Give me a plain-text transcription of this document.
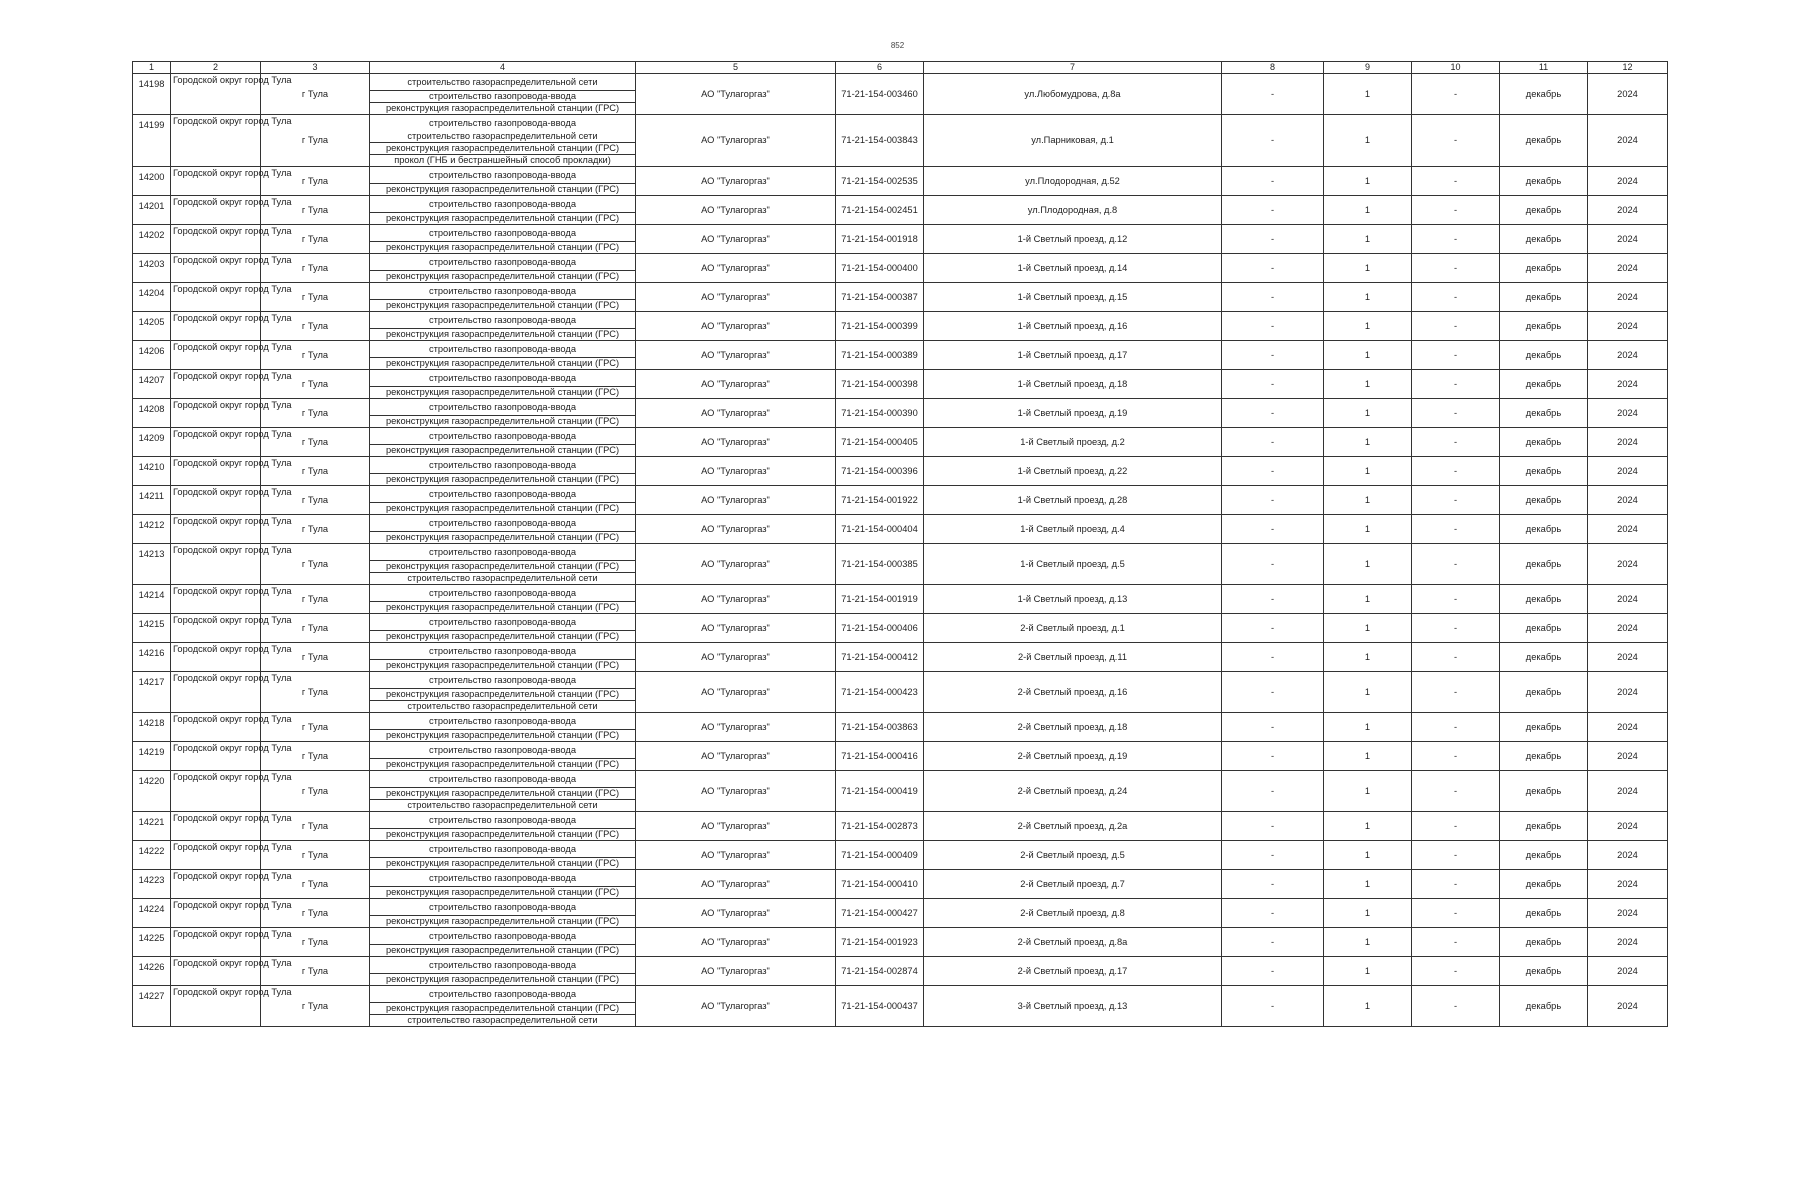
852
1	2	3	4	5	6	7	8	9	10	11	12
14198	Городской округ город Тула	г Тула	строительство газораспределительной сети
строительство газопровода-ввода
реконструкция газораспределительной станции (ГРС)	АО "Тулагоргаз"	71-21-154-003460	ул.Любомудрова, д.8а	-	1	-	декабрь	2024
14199	Городской округ город Тула	г Тула	строительство газопровода-ввода
строительство газораспределительной сети
реконструкция газораспределительной станции (ГРС)
прокол (ГНБ и бестраншейный способ прокладки)	АО "Тулагоргаз"	71-21-154-003843	ул.Парниковая, д.1	-	1	-	декабрь	2024
14200	Городской округ город Тула	г Тула	строительство газопровода-ввода
реконструкция газораспределительной станции (ГРС)	АО "Тулагоргаз"	71-21-154-002535	ул.Плодородная, д.52	-	1	-	декабрь	2024
14201	Городской округ город Тула	г Тула	строительство газопровода-ввода
реконструкция газораспределительной станции (ГРС)	АО "Тулагоргаз"	71-21-154-002451	ул.Плодородная, д.8	-	1	-	декабрь	2024
14202	Городской округ город Тула	г Тула	строительство газопровода-ввода
реконструкция газораспределительной станции (ГРС)	АО "Тулагоргаз"	71-21-154-001918	1-й Светлый проезд, д.12	-	1	-	декабрь	2024
14203	Городской округ город Тула	г Тула	строительство газопровода-ввода
реконструкция газораспределительной станции (ГРС)	АО "Тулагоргаз"	71-21-154-000400	1-й Светлый проезд, д.14	-	1	-	декабрь	2024
14204	Городской округ город Тула	г Тула	строительство газопровода-ввода
реконструкция газораспределительной станции (ГРС)	АО "Тулагоргаз"	71-21-154-000387	1-й Светлый проезд, д.15	-	1	-	декабрь	2024
14205	Городской округ город Тула	г Тула	строительство газопровода-ввода
реконструкция газораспределительной станции (ГРС)	АО "Тулагоргаз"	71-21-154-000399	1-й Светлый проезд, д.16	-	1	-	декабрь	2024
14206	Городской округ город Тула	г Тула	строительство газопровода-ввода
реконструкция газораспределительной станции (ГРС)	АО "Тулагоргаз"	71-21-154-000389	1-й Светлый проезд, д.17	-	1	-	декабрь	2024
14207	Городской округ город Тула	г Тула	строительство газопровода-ввода
реконструкция газораспределительной станции (ГРС)	АО "Тулагоргаз"	71-21-154-000398	1-й Светлый проезд, д.18	-	1	-	декабрь	2024
14208	Городской округ город Тула	г Тула	строительство газопровода-ввода
реконструкция газораспределительной станции (ГРС)	АО "Тулагоргаз"	71-21-154-000390	1-й Светлый проезд, д.19	-	1	-	декабрь	2024
14209	Городской округ город Тула	г Тула	строительство газопровода-ввода
реконструкция газораспределительной станции (ГРС)	АО "Тулагоргаз"	71-21-154-000405	1-й Светлый проезд, д.2	-	1	-	декабрь	2024
14210	Городской округ город Тула	г Тула	строительство газопровода-ввода
реконструкция газораспределительной станции (ГРС)	АО "Тулагоргаз"	71-21-154-000396	1-й Светлый проезд, д.22	-	1	-	декабрь	2024
14211	Городской округ город Тула	г Тула	строительство газопровода-ввода
реконструкция газораспределительной станции (ГРС)	АО "Тулагоргаз"	71-21-154-001922	1-й Светлый проезд, д.28	-	1	-	декабрь	2024
14212	Городской округ город Тула	г Тула	строительство газопровода-ввода
реконструкция газораспределительной станции (ГРС)	АО "Тулагоргаз"	71-21-154-000404	1-й Светлый проезд, д.4	-	1	-	декабрь	2024
14213	Городской округ город Тула	г Тула	строительство газопровода-ввода
реконструкция газораспределительной станции (ГРС)
строительство газораспределительной сети	АО "Тулагоргаз"	71-21-154-000385	1-й Светлый проезд, д.5	-	1	-	декабрь	2024
14214	Городской округ город Тула	г Тула	строительство газопровода-ввода
реконструкция газораспределительной станции (ГРС)	АО "Тулагоргаз"	71-21-154-001919	1-й Светлый проезд, д.13	-	1	-	декабрь	2024
14215	Городской округ город Тула	г Тула	строительство газопровода-ввода
реконструкция газораспределительной станции (ГРС)	АО "Тулагоргаз"	71-21-154-000406	2-й Светлый проезд, д.1	-	1	-	декабрь	2024
14216	Городской округ город Тула	г Тула	строительство газопровода-ввода
реконструкция газораспределительной станции (ГРС)	АО "Тулагоргаз"	71-21-154-000412	2-й Светлый проезд, д.11	-	1	-	декабрь	2024
14217	Городской округ город Тула	г Тула	строительство газопровода-ввода
реконструкция газораспределительной станции (ГРС)
строительство газораспределительной сети	АО "Тулагоргаз"	71-21-154-000423	2-й Светлый проезд, д.16	-	1	-	декабрь	2024
14218	Городской округ город Тула	г Тула	строительство газопровода-ввода
реконструкция газораспределительной станции (ГРС)	АО "Тулагоргаз"	71-21-154-003863	2-й Светлый проезд, д.18	-	1	-	декабрь	2024
14219	Городской округ город Тула	г Тула	строительство газопровода-ввода
реконструкция газораспределительной станции (ГРС)	АО "Тулагоргаз"	71-21-154-000416	2-й Светлый проезд, д.19	-	1	-	декабрь	2024
14220	Городской округ город Тула	г Тула	строительство газопровода-ввода
реконструкция газораспределительной станции (ГРС)
строительство газораспределительной сети	АО "Тулагоргаз"	71-21-154-000419	2-й Светлый проезд, д.24	-	1	-	декабрь	2024
14221	Городской округ город Тула	г Тула	строительство газопровода-ввода
реконструкция газораспределительной станции (ГРС)	АО "Тулагоргаз"	71-21-154-002873	2-й Светлый проезд, д.2а	-	1	-	декабрь	2024
14222	Городской округ город Тула	г Тула	строительство газопровода-ввода
реконструкция газораспределительной станции (ГРС)	АО "Тулагоргаз"	71-21-154-000409	2-й Светлый проезд, д.5	-	1	-	декабрь	2024
14223	Городской округ город Тула	г Тула	строительство газопровода-ввода
реконструкция газораспределительной станции (ГРС)	АО "Тулагоргаз"	71-21-154-000410	2-й Светлый проезд, д.7	-	1	-	декабрь	2024
14224	Городской округ город Тула	г Тула	строительство газопровода-ввода
реконструкция газораспределительной станции (ГРС)	АО "Тулагоргаз"	71-21-154-000427	2-й Светлый проезд, д.8	-	1	-	декабрь	2024
14225	Городской округ город Тула	г Тула	строительство газопровода-ввода
реконструкция газораспределительной станции (ГРС)	АО "Тулагоргаз"	71-21-154-001923	2-й Светлый проезд, д.8а	-	1	-	декабрь	2024
14226	Городской округ город Тула	г Тула	строительство газопровода-ввода
реконструкция газораспределительной станции (ГРС)	АО "Тулагоргаз"	71-21-154-002874	2-й Светлый проезд, д.17	-	1	-	декабрь	2024
14227	Городской округ город Тула	г Тула	строительство газопровода-ввода
реконструкция газораспределительной станции (ГРС)
строительство газораспределительной сети	АО "Тулагоргаз"	71-21-154-000437	3-й Светлый проезд, д.13	-	1	-	декабрь	2024
